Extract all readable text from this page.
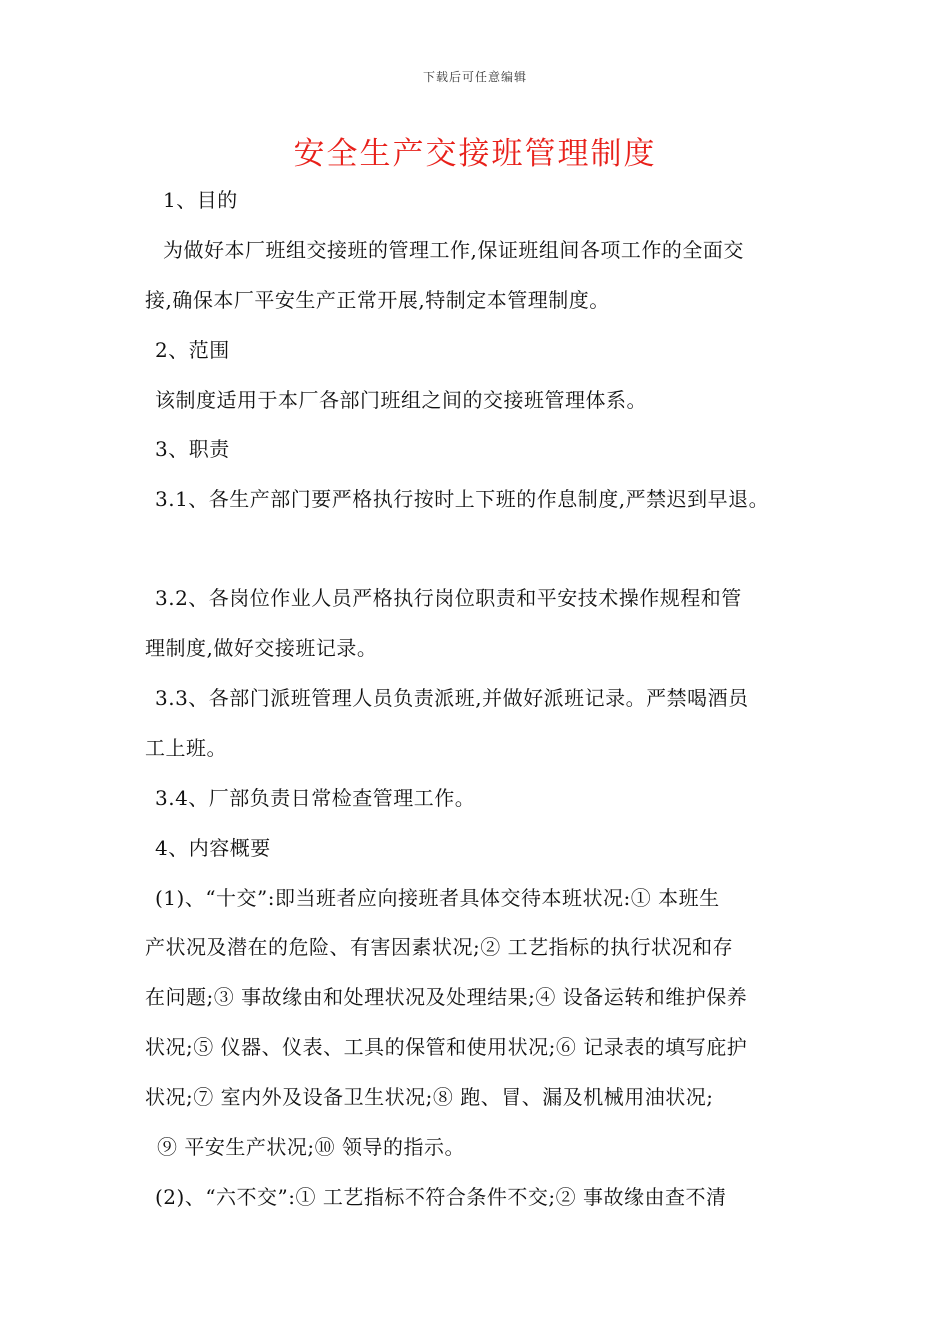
下载后可任意编辑
安全生产交接班管理制度
1、目的
为做好本厂班组交接班的管理工作,保证班组间各项工作的全面交
接,确保本厂平安生产正常开展,特制定本管理制度。
2、范围
该制度适用于本厂各部门班组之间的交接班管理体系。
3、职责
3.1、各生产部门要严格执行按时上下班的作息制度,严禁迟到早退。
3.2、各岗位作业人员严格执行岗位职责和平安技术操作规程和管
理制度,做好交接班记录。
3.3、各部门派班管理人员负责派班,并做好派班记录。严禁喝酒员
工上班。
3.4、厂部负责日常检查管理工作。
4、内容概要
(1)、“十交”:即当班者应向接班者具体交待本班状况:① 本班生
产状况及潜在的危险、有害因素状况;② 工艺指标的执行状况和存
在问题;③ 事故缘由和处理状况及处理结果;④ 设备运转和维护保养
状况;⑤ 仪器、仪表、工具的保管和使用状况;⑥ 记录表的填写庇护
状况;⑦ 室内外及设备卫生状况;⑧ 跑、冒、漏及机械用油状况;
⑨ 平安生产状况;⑩ 领导的指示。
(2)、“六不交”:① 工艺指标不符合条件不交;② 事故缘由查不清
